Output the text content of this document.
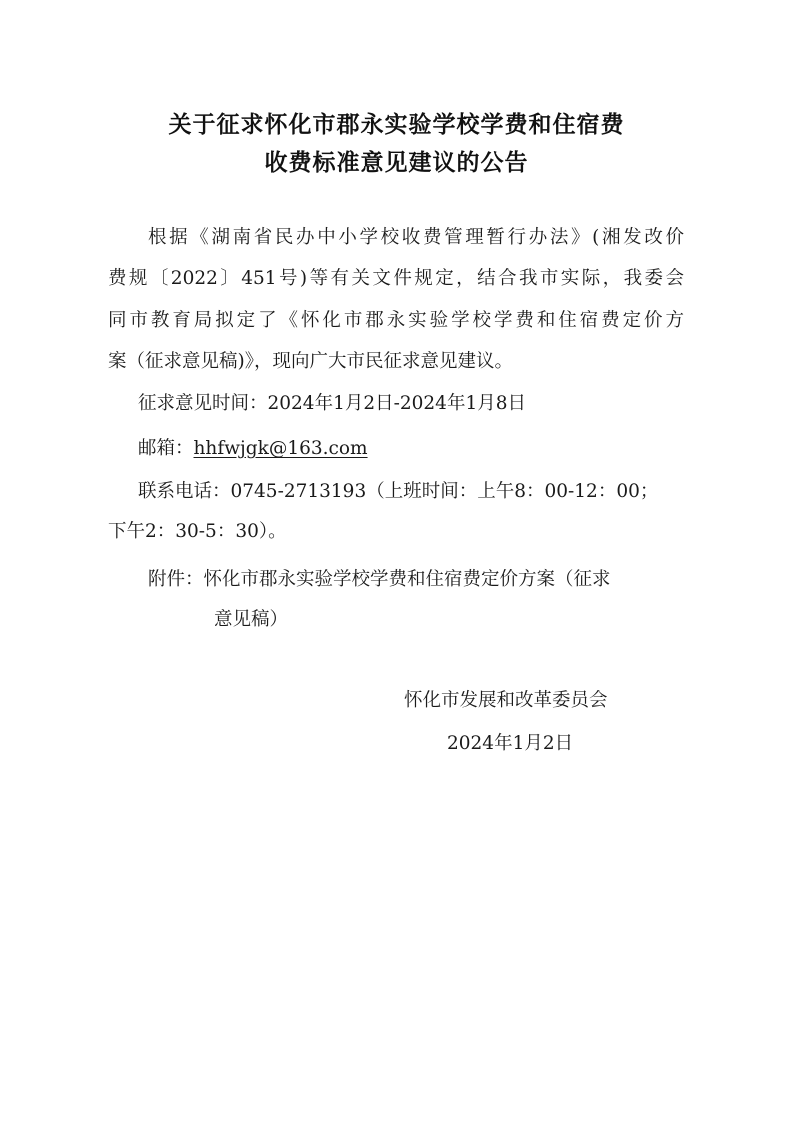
关于征求怀化市郡永实验学校学费和住宿费
收费标准意见建议的公告
根据《湖南省民办中小学校收费管理暂行办法》(湘发改价
费规〔2022〕451号)等有关文件规定，结合我市实际，我委会
同市教育局拟定了《怀化市郡永实验学校学费和住宿费定价方
案（征求意见稿)》，现向广大市民征求意见建议。
征求意见时间：2024年1月2日-2024年1月8日
邮箱：hhfwjgk@163.com
联系电话：0745-2713193（上班时间：上午8：00-12：00；
下午2：30-5：30）。
附件：怀化市郡永实验学校学费和住宿费定价方案（征求
意见稿）
怀化市发展和改革委员会
2024年1月2日
